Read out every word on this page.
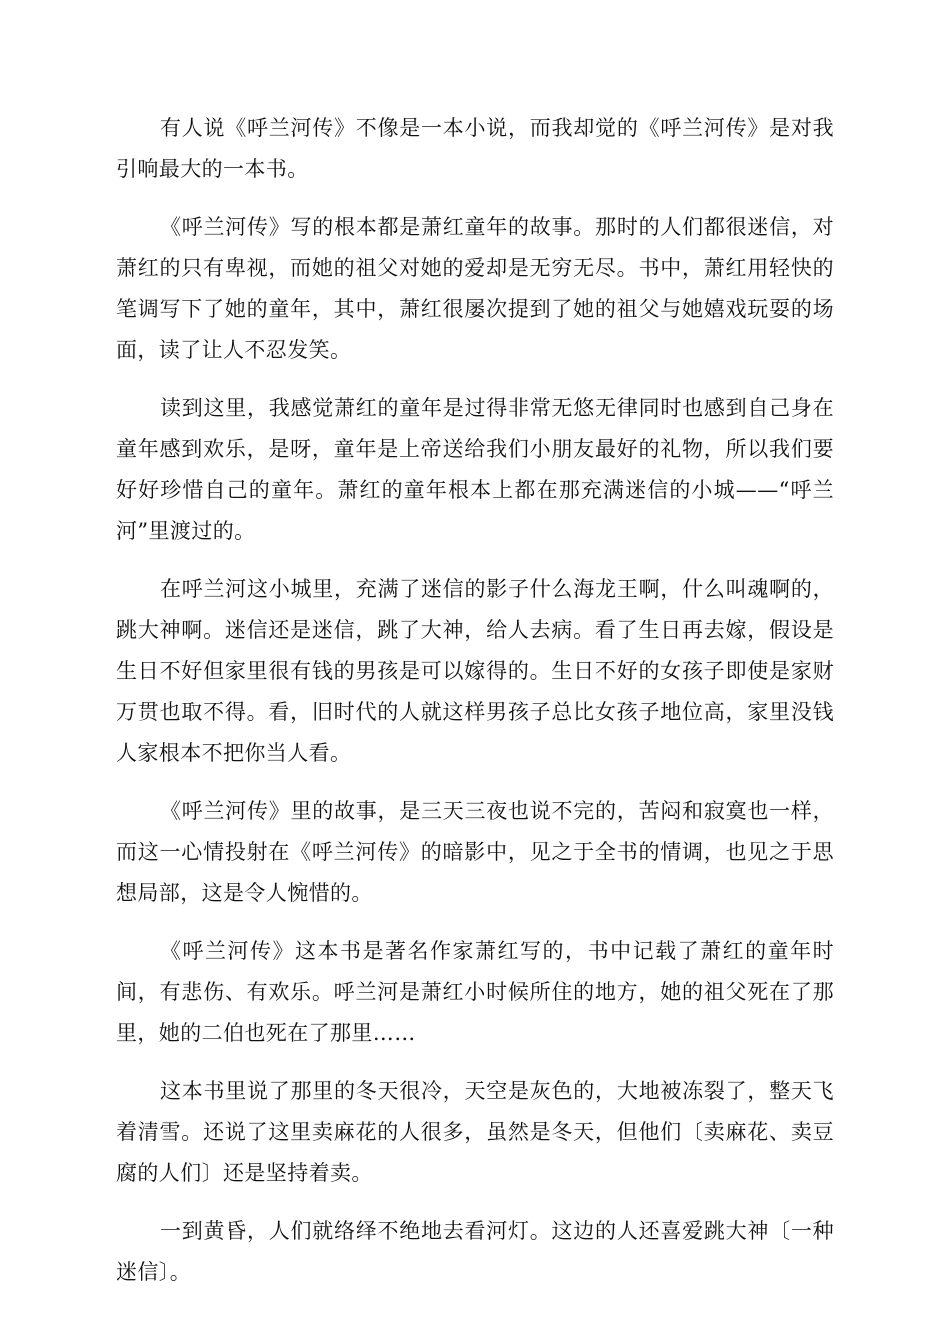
有人说《呼兰河传》不像是一本小说，而我却觉的《呼兰河传》是对我引响最大的一本书。

《呼兰河传》写的根本都是萧红童年的故事。那时的人们都很迷信，对萧红的只有卑视，而她的祖父对她的爱却是无穷无尽。书中，萧红用轻快的笔调写下了她的童年，其中，萧红很屡次提到了她的祖父与她嬉戏玩耍的场面，读了让人不忍发笑。

读到这里，我感觉萧红的童年是过得非常无悠无律同时也感到自己身在童年感到欢乐，是呀，童年是上帝送给我们小朋友最好的礼物，所以我们要好好珍惜自己的童年。萧红的童年根本上都在那充满迷信的小城——“呼兰河”里渡过的。

在呼兰河这小城里，充满了迷信的影子什么海龙王啊，什么叫魂啊的，跳大神啊。迷信还是迷信，跳了大神，给人去病。看了生日再去嫁，假设是生日不好但家里很有钱的男孩是可以嫁得的。生日不好的女孩子即使是家财万贯也取不得。看，旧时代的人就这样男孩子总比女孩子地位高，家里没钱人家根本不把你当人看。

《呼兰河传》里的故事，是三天三夜也说不完的，苦闷和寂寞也一样，而这一心情投射在《呼兰河传》的暗影中，见之于全书的情调，也见之于思想局部，这是令人惋惜的。

《呼兰河传》这本书是著名作家萧红写的，书中记载了萧红的童年时间，有悲伤、有欢乐。呼兰河是萧红小时候所住的地方，她的祖父死在了那里，她的二伯也死在了那里……

这本书里说了那里的冬天很冷，天空是灰色的，大地被冻裂了，整天飞着清雪。还说了这里卖麻花的人很多，虽然是冬天，但他们〔卖麻花、卖豆腐的人们〕还是坚持着卖。

一到黄昏，人们就络绎不绝地去看河灯。这边的人还喜爱跳大神〔一种迷信〕。
